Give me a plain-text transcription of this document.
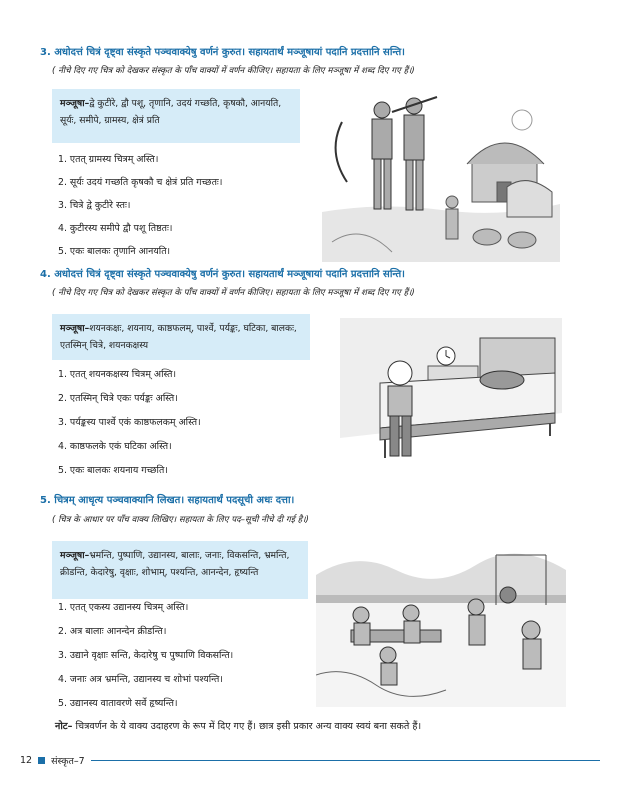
3. अधोदत्तं चित्रं दृष्ट्वा संस्कृते पञ्चवाक्येषु वर्णनं कुरुत। सहायतार्थं मञ्जूषायां पदानि प्रदत्तानि सन्ति।
( नीचे दिए गए चित्र को देखकर संस्कृत के पाँच वाक्यों में वर्णन कीजिए। सहायता के लिए मञ्जूषा में शब्द दिए गए हैं।)
मञ्जूषा–द्वे कुटीरे, द्वौ पशू, तृणानि, उदयं गच्छति, कृषकौ, आनयति, सूर्यः, समीपे, ग्रामस्य, क्षेत्रं प्रति
1. एतत् ग्रामस्य चित्रम् अस्ति।
2. सूर्यः उदयं गच्छति कृषकौ च क्षेत्रं प्रति गच्छतः।
3. चित्रे द्वे कुटीरे स्तः।
4. कुटीरस्य समीपे द्वौ पशू तिष्ठतः।
5. एकः बालकः तृणानि आनयति।
4. अधोदत्तं चित्रं दृष्ट्वा संस्कृते पञ्चवाक्येषु वर्णनं कुरुत। सहायतार्थं मञ्जूषायां पदानि प्रदत्तानि सन्ति।
( नीचे दिए गए चित्र को देखकर संस्कृत के पाँच वाक्यों में वर्णन कीजिए। सहायता के लिए मञ्जूषा में शब्द दिए गए हैं।)
मञ्जूषा–शयनकक्षः, शयनाय, काष्ठफलम्, पार्श्वे, पर्यङ्कः, घटिका, बालकः, एतस्मिन् चित्रे, शयनकक्षस्य
1. एतत् शयनकक्षस्य चित्रम् अस्ति।
2. एतस्मिन् चित्रे एकः पर्यङ्कः अस्ति।
3. पर्यङ्कस्य पार्श्वे एकं काष्ठफलकम् अस्ति।
4. काष्ठफलके एकं घटिका अस्ति।
5. एकः बालकः शयनाय गच्छति।
5. चित्रम् आधृत्य पञ्चवाक्यानि लिखत। सहायतार्थं पदसूची अधः दत्ता।
( चित्र के आधार पर पाँच वाक्य लिखिए। सहायता के लिए पद–सूची नीचे दी गई है।)
मञ्जूषा–भ्रमन्ति, पुष्पाणि, उद्यानस्य, बालाः, जनाः, विकसन्ति, भ्रमन्ति, क्रीडन्ति, केदारेषु, वृक्षाः, शोभाम्, पश्यन्ति, आनन्देन, हृष्यन्ति
1. एतत् एकस्य उद्यानस्य चित्रम् अस्ति।
2. अत्र बालाः आनन्देन क्रीडन्ति।
3. उद्याने वृक्षाः सन्ति, केदारेषु च पुष्पाणि विकसन्ति।
4. जनाः अत्र भ्रमन्ति, उद्यानस्य च शोभां पश्यन्ति।
5. उद्यानस्य वातावरणे सर्वे हृष्यन्ति।
नोट– चित्रवर्णन के ये वाक्य उदाहरण के रूप में दिए गए हैं। छात्र इसी प्रकार अन्य वाक्य स्वयं बना सकते हैं।
12 संस्कृत–7
